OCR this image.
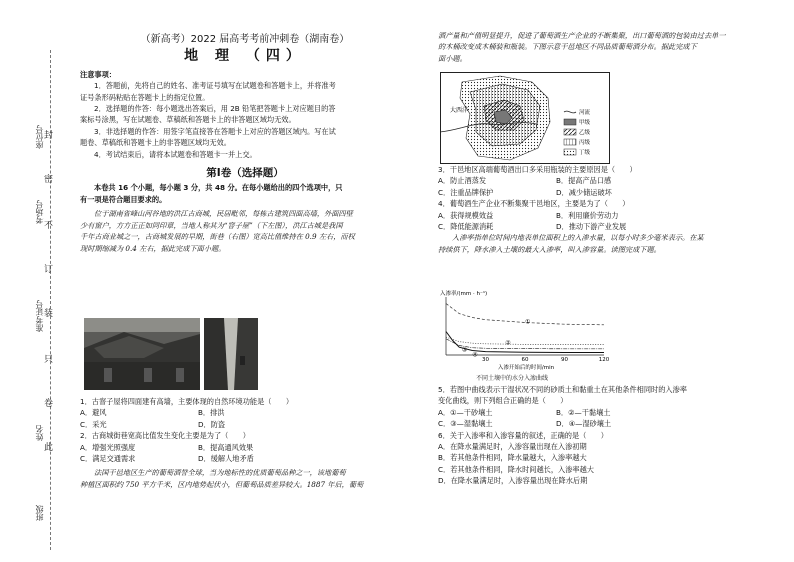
座位号
考场号
准考证号
姓名
班级
封
密
不
订
装
只
卷
此
（新高考）2022 届高考考前冲刺卷（湖南卷）
地 理 （四）
注意事项：
1．答题前，先将自己的姓名、准考证号填写在试题卷和答题卡上，并将准考
证号条形码粘贴在答题卡上的指定位置。
2．选择题的作答：每小题选出答案后，用 2B 铅笔把答题卡上对应题目的答
案标号涂黑，写在试题卷、草稿纸和答题卡上的非答题区域均无效。
3．非选择题的作答：用签字笔直接答在答题卡上对应的答题区域内。写在试
题卷、草稿纸和答题卡上的非答题区域均无效。
4．考试结束后，请将本试题卷和答题卡一并上交。
第Ⅰ卷（选择题）
本卷共 16 个小题，每小题 3 分，共 48 分。在每小题给出的四个选项中，只
有一项是符合题目要求的。
位于湖南省峰山河谷地的洪江古商城，民居毗邻，每栋古建筑四面高墙，外面四壁
少有窗户，方方正正如同印章，当地人称其为“窨子屋”（下左图），洪江古城是我国
千年古商业城之一，古商城发展的早期，街巷（右图）宽高比值维持在 0.9 左右，而权
现时期缩减为 0.4 左右，据此完成下面小题。
1．古窨子屋将四面建有高墙，主要体现的自然环境功能是（　　）
A．避风	B．排洪
C．采光	D．防盗
2．古商城街巷宽高比值发生变化主要是为了（　　）
A．增强光照强度	B．提高通风效果
C．满足交通需求	D．缓解人地矛盾
法国干邑地区生产的葡萄酒誉全球，当为地标性的优质葡萄品种之一，该地葡萄
种植区面积约 750 平方千米，区内地势起伏小，但葡萄品质差异较大。1887 年后，葡萄
酒产量和产值明显提升，促进了葡萄酒生产企业的不断集聚，出口葡萄酒的包装由过去单一
的木桶改变成木桶装和瓶装。下图示意干邑地区不同品质葡萄酒分布。据此完成下
面小题。
大西洋	河流
甲级
乙级
丙级
丁级
3．干邑地区高端葡萄酒出口多采用瓶装的主要原因是（　　）
A．防止酒蒸发	B．提高产品口感
C．注重品牌保护	D．减少储运破坏
4．葡萄酒生产企业不断集聚干邑地区，主要是为了（　　）
A．获得规模效益	B．利用廉价劳动力
C．降低能源消耗	D．推动下游产业发展
入渗率指单位时间内地表单位面积上的入渗水量，以每小时多少毫米表示。在某
持续供下，降水渗入土壤的最大入渗率，叫入渗容量。读图完成下题。
入渗率/(mm · h⁻¹)
①
②
③
④
30	60	90	120
入渗开始后的时间/min
不同土壤中的水分入渗曲线
5．若图中曲线表示干湿状况不同的砂质土和黏重土在其他条件相同时的入渗率
变化曲线，则下列组合正确的是（　　）
A．①—干砂壤土	B．②—干黏壤土
C．③—湿黏壤土	D．④—湿砂壤土
6．关于入渗率和入渗容量的叙述，正确的是（　　）
A．在降水量满足时，入渗容量出现在入渗初期
B．若其他条件相同，降水量越大，入渗率越大
C．若其他条件相同，降水时间越长，入渗率越大
D．在降水量满足时，入渗容量出现在降水后期
